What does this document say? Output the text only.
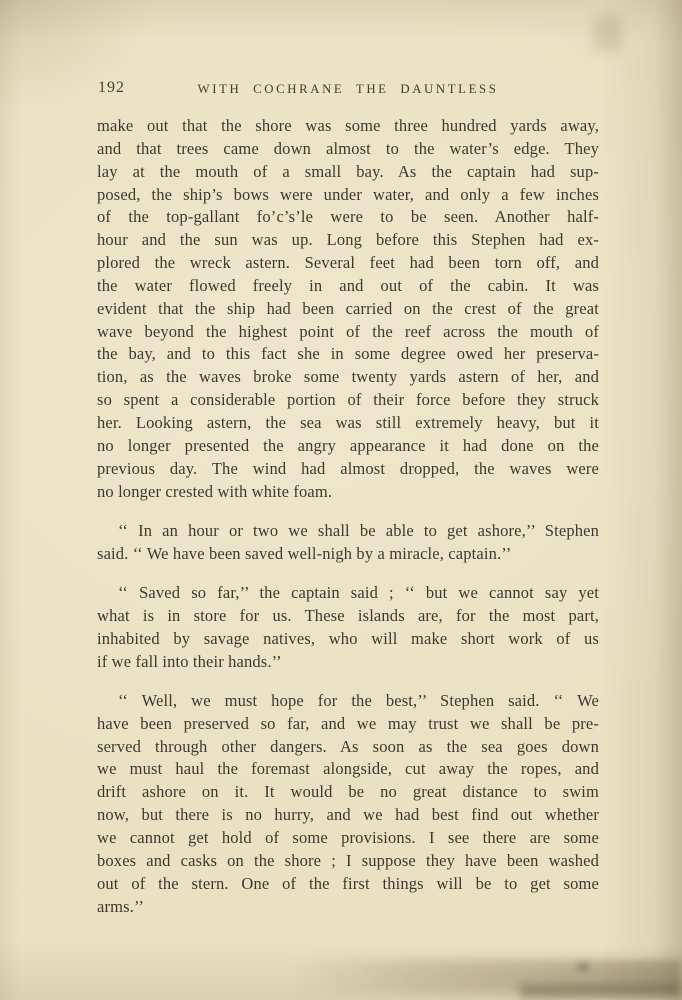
192	WITH COCHRANE THE DAUNTLESS

make out that the shore was some three hundred yards away,
and that trees came down almost to the water’s edge. They
lay at the mouth of a small bay. As the captain had sup-
posed, the ship’s bows were under water, and only a few inches
of the top-gallant fo’c’s’le were to be seen. Another half-
hour and the sun was up. Long before this Stephen had ex-
plored the wreck astern. Several feet had been torn off, and
the water flowed freely in and out of the cabin. It was
evident that the ship had been carried on the crest of the great
wave beyond the highest point of the reef across the mouth of
the bay, and to this fact she in some degree owed her preserva-
tion, as the waves broke some twenty yards astern of her, and
so spent a considerable portion of their force before they struck
her. Looking astern, the sea was still extremely heavy, but it
no longer presented the angry appearance it had done on the
previous day. The wind had almost dropped, the waves were
no longer crested with white foam.

‘‘ In an hour or two we shall be able to get ashore,’’ Stephen
said. ‘‘ We have been saved well-nigh by a miracle, captain.’’

‘‘ Saved so far,’’ the captain said ; ‘‘ but we cannot say yet
what is in store for us. These islands are, for the most part,
inhabited by savage natives, who will make short work of us
if we fall into their hands.’’

‘‘ Well, we must hope for the best,’’ Stephen said. ‘‘ We
have been preserved so far, and we may trust we shall be pre-
served through other dangers. As soon as the sea goes down
we must haul the foremast alongside, cut away the ropes, and
drift ashore on it. It would be no great distance to swim
now, but there is no hurry, and we had best find out whether
we cannot get hold of some provisions. I see there are some
boxes and casks on the shore ; I suppose they have been washed
out of the stern. One of the first things will be to get some
arms.’’
